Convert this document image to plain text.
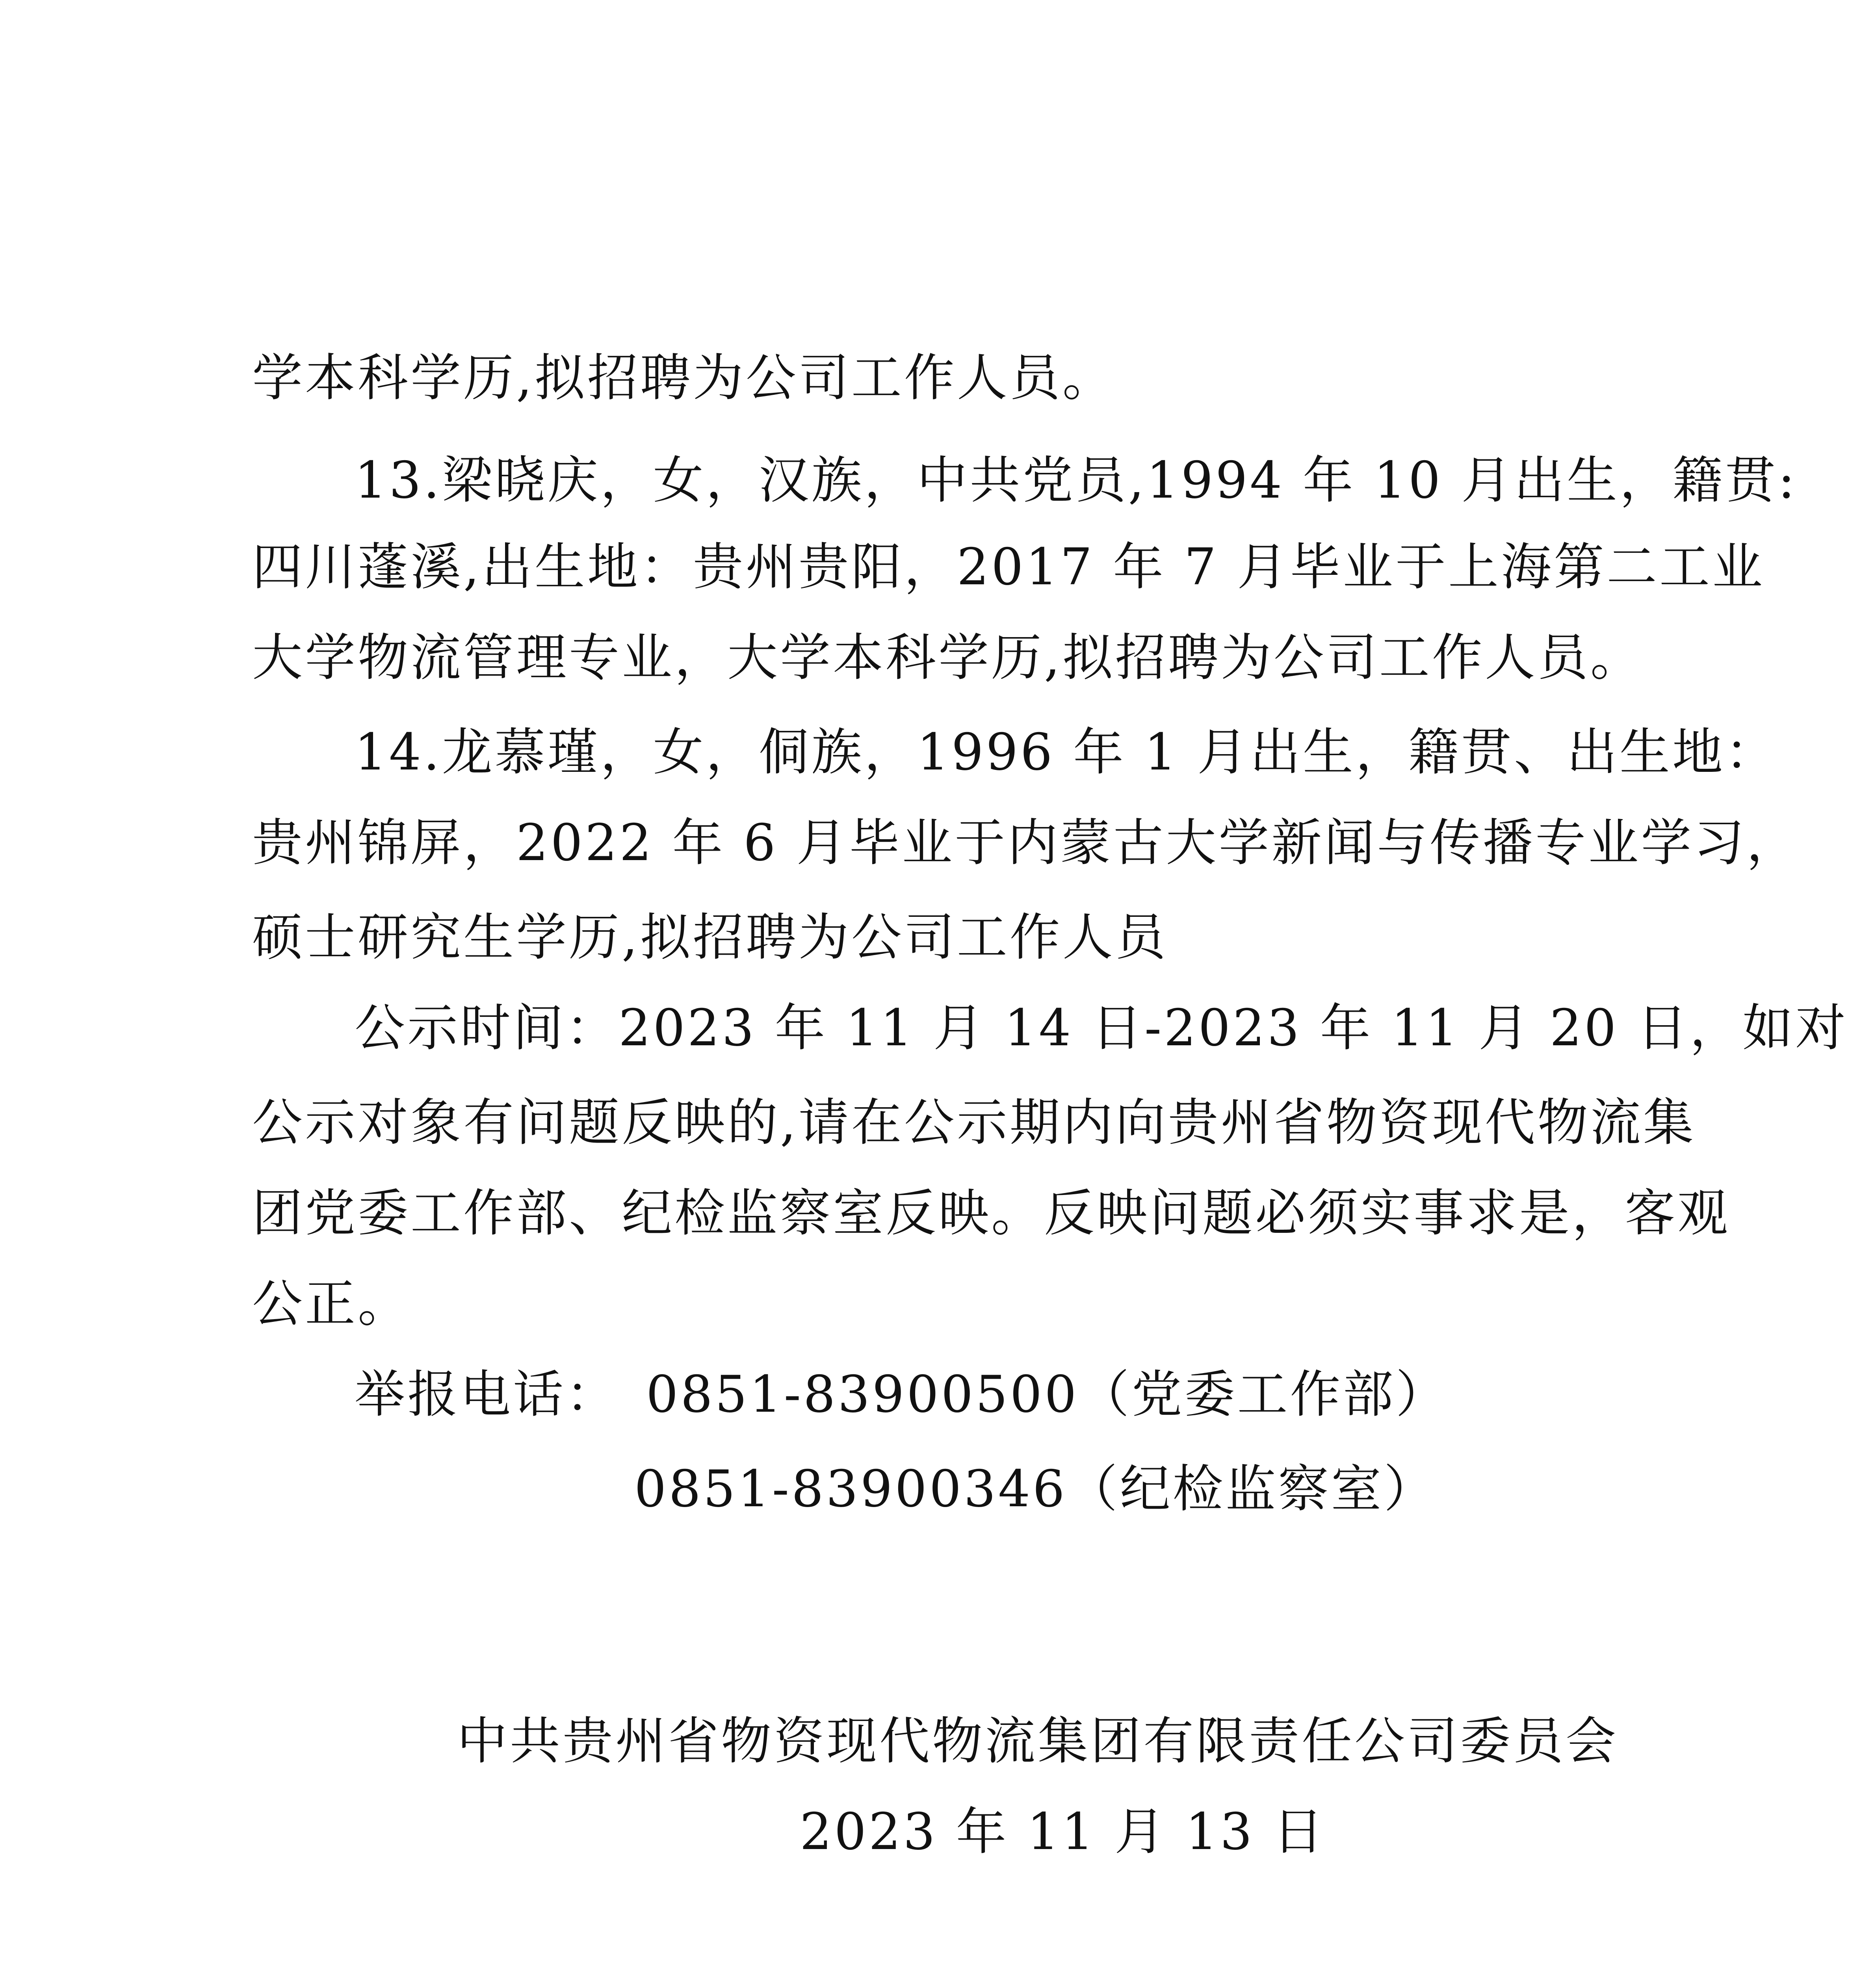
学本科学历,拟招聘为公司工作人员。
13.梁晓庆，女，汉族，中共党员,1994 年 10 月出生，籍贯:
四川蓬溪,出生地：贵州贵阳，2017 年 7 月毕业于上海第二工业
大学物流管理专业，大学本科学历,拟招聘为公司工作人员。
14.龙慕瑾，女，侗族，1996 年 1 月出生，籍贯、出生地：
贵州锦屏，2022 年 6 月毕业于内蒙古大学新闻与传播专业学习，
硕士研究生学历,拟招聘为公司工作人员
公示时间：2023 年 11 月 14 日-2023 年 11 月 20 日，如对
公示对象有问题反映的,请在公示期内向贵州省物资现代物流集
团党委工作部、纪检监察室反映。反映问题必须实事求是，客观
公正。
举报电话： 0851-83900500（党委工作部）
0851-83900346（纪检监察室）
中共贵州省物资现代物流集团有限责任公司委员会
2023 年 11 月 13 日
